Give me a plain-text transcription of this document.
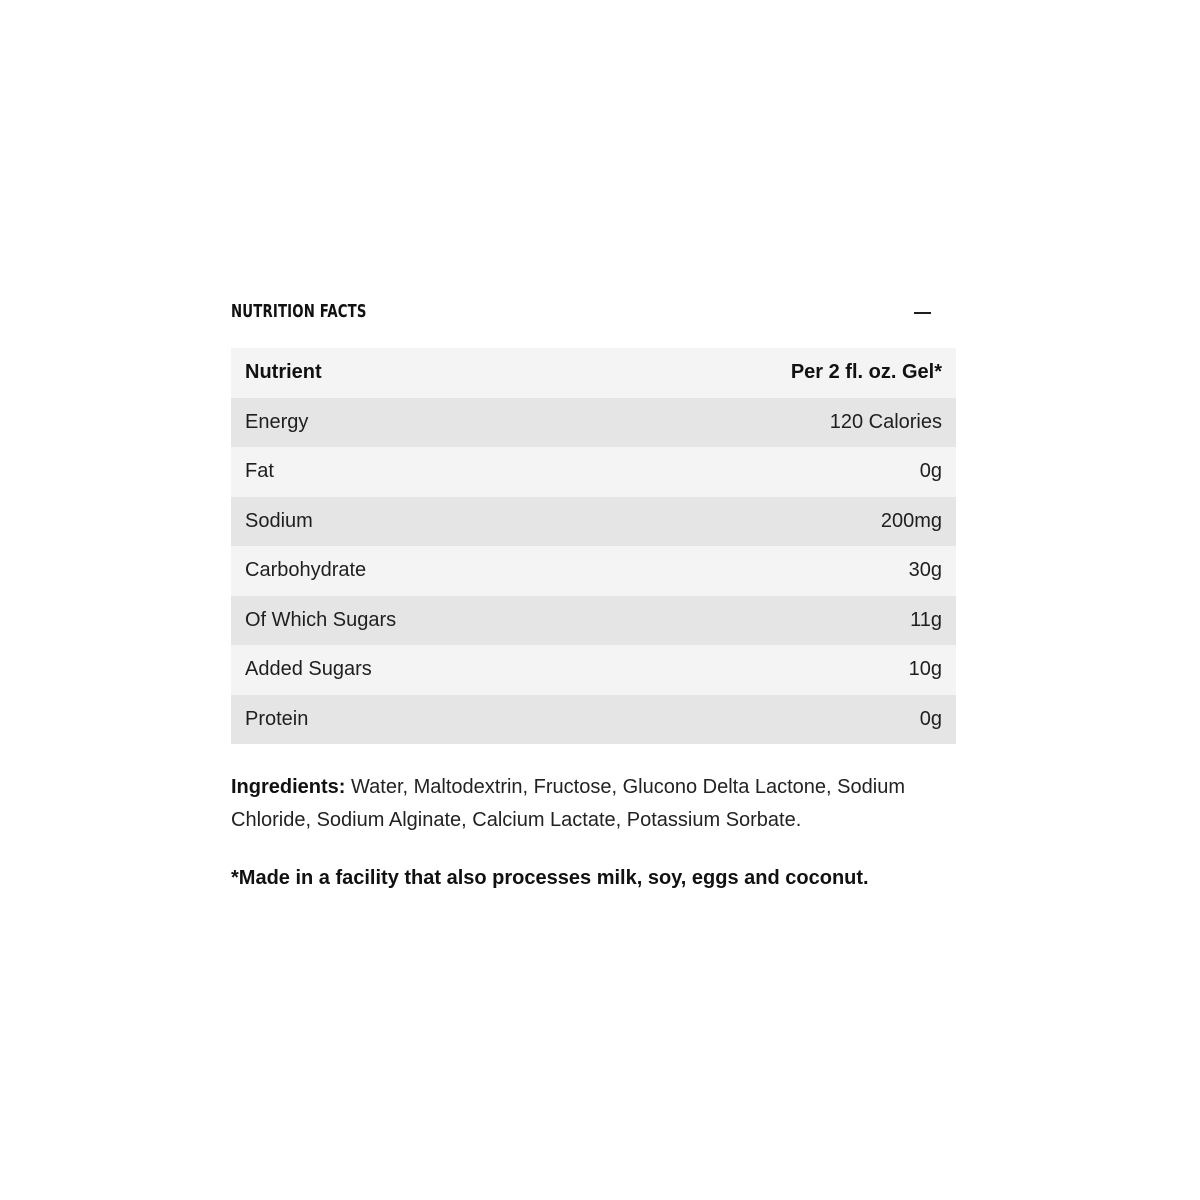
NUTRITION FACTS
Nutrient	Per 2 fl. oz. Gel*
Energy	120 Calories
Fat	0g
Sodium	200mg
Carbohydrate	30g
Of Which Sugars	11g
Added Sugars	10g
Protein	0g
Ingredients: Water, Maltodextrin, Fructose, Glucono Delta Lactone, Sodium Chloride, Sodium Alginate, Calcium Lactate, Potassium Sorbate.
*Made in a facility that also processes milk, soy, eggs and coconut.
